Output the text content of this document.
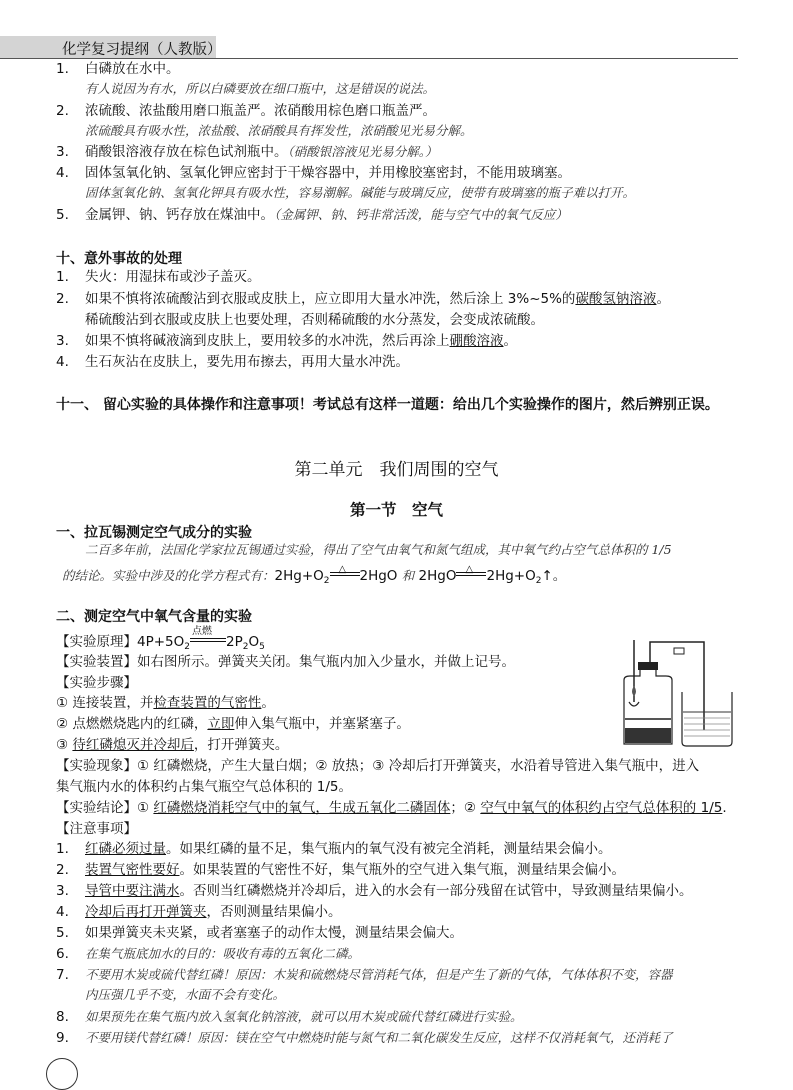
化学复习提纲（人教版）
1. 白磷放在水中。
有人说因为有水，所以白磷要放在细口瓶中，这是错误的说法。
2. 浓硫酸、浓盐酸用磨口瓶盖严。浓硝酸用棕色磨口瓶盖严。
浓硫酸具有吸水性，浓盐酸、浓硝酸具有挥发性，浓硝酸见光易分解。
3. 硝酸银溶液存放在棕色试剂瓶中。（硝酸银溶液见光易分解。）
4. 固体氢氧化钠、氢氧化钾应密封于干燥容器中，并用橡胶塞密封，不能用玻璃塞。
固体氢氧化钠、氢氧化钾具有吸水性，容易潮解。碱能与玻璃反应，使带有玻璃塞的瓶子难以打开。
5. 金属钾、钠、钙存放在煤油中。（金属钾、钠、钙非常活泼，能与空气中的氧气反应）
十、意外事故的处理
1. 失火：用湿抹布或沙子盖灭。
2. 如果不慎将浓硫酸沾到衣服或皮肤上，应立即用大量水冲洗，然后涂上 3%~5%的碳酸氢钠溶液。
稀硫酸沾到衣服或皮肤上也要处理，否则稀硫酸的水分蒸发，会变成浓硫酸。
3. 如果不慎将碱液滴到皮肤上，要用较多的水冲洗，然后再涂上硼酸溶液。
4. 生石灰沾在皮肤上，要先用布擦去，再用大量水冲洗。
十一、 留心实验的具体操作和注意事项！考试总有这样一道题：给出几个实验操作的图片，然后辨别正误。
第二单元　我们周围的空气
第一节　空气
一、拉瓦锡测定空气成分的实验
二百多年前，法国化学家拉瓦锡通过实验，得出了空气由氧气和氮气组成，其中氧气约占空气总体积的 1/5
的结论。实验中涉及的化学方程式有：$2Hg+O_2$
△ 2HgO 和 2HgO △ $2Hg+O_2↑$。
二、测定空气中氧气含量的实验
【实验原理】$4P+5O_2$
点燃
$2P_2O_5$
【实验装置】如右图所示。弹簧夹关闭。集气瓶内加入少量水，并做上记号。
【实验步骤】
① 连接装置，并检查装置的气密性。
② 点燃燃烧匙内的红磷，立即伸入集气瓶中，并塞紧塞子。
③ 待红磷熄灭并冷却后，打开弹簧夹。
【实验现象】① 红磷燃烧，产生大量白烟；② 放热；③ 冷却后打开弹簧夹，水沿着导管进入集气瓶中，进入
集气瓶内水的体积约占集气瓶空气总体积的 1/5。
【实验结论】① 红磷燃烧消耗空气中的氧气，生成五氧化二磷固体；② 空气中氧气的体积约占空气总体积的 1/5.
【注意事项】
1. 红磷必须过量。如果红磷的量不足，集气瓶内的氧气没有被完全消耗，测量结果会偏小。
2. 装置气密性要好。如果装置的气密性不好，集气瓶外的空气进入集气瓶，测量结果会偏小。
3. 导管中要注满水。否则当红磷燃烧并冷却后，进入的水会有一部分残留在试管中，导致测量结果偏小。
4. 冷却后再打开弹簧夹，否则测量结果偏小。
5. 如果弹簧夹未夹紧，或者塞塞子的动作太慢，测量结果会偏大。
6. 在集气瓶底加水的目的：吸收有毒的五氧化二磷。
7. 不要用木炭或硫代替红磷！原因：木炭和硫燃烧尽管消耗气体，但是产生了新的气体，气体体积不变，容器
内压强几乎不变，水面不会有变化。
8. 如果预先在集气瓶内放入氢氧化钠溶液，就可以用木炭或硫代替红磷进行实验。
9. 不要用镁代替红磷！原因：镁在空气中燃烧时能与氮气和二氧化碳发生反应，这样不仅消耗氧气，还消耗了
